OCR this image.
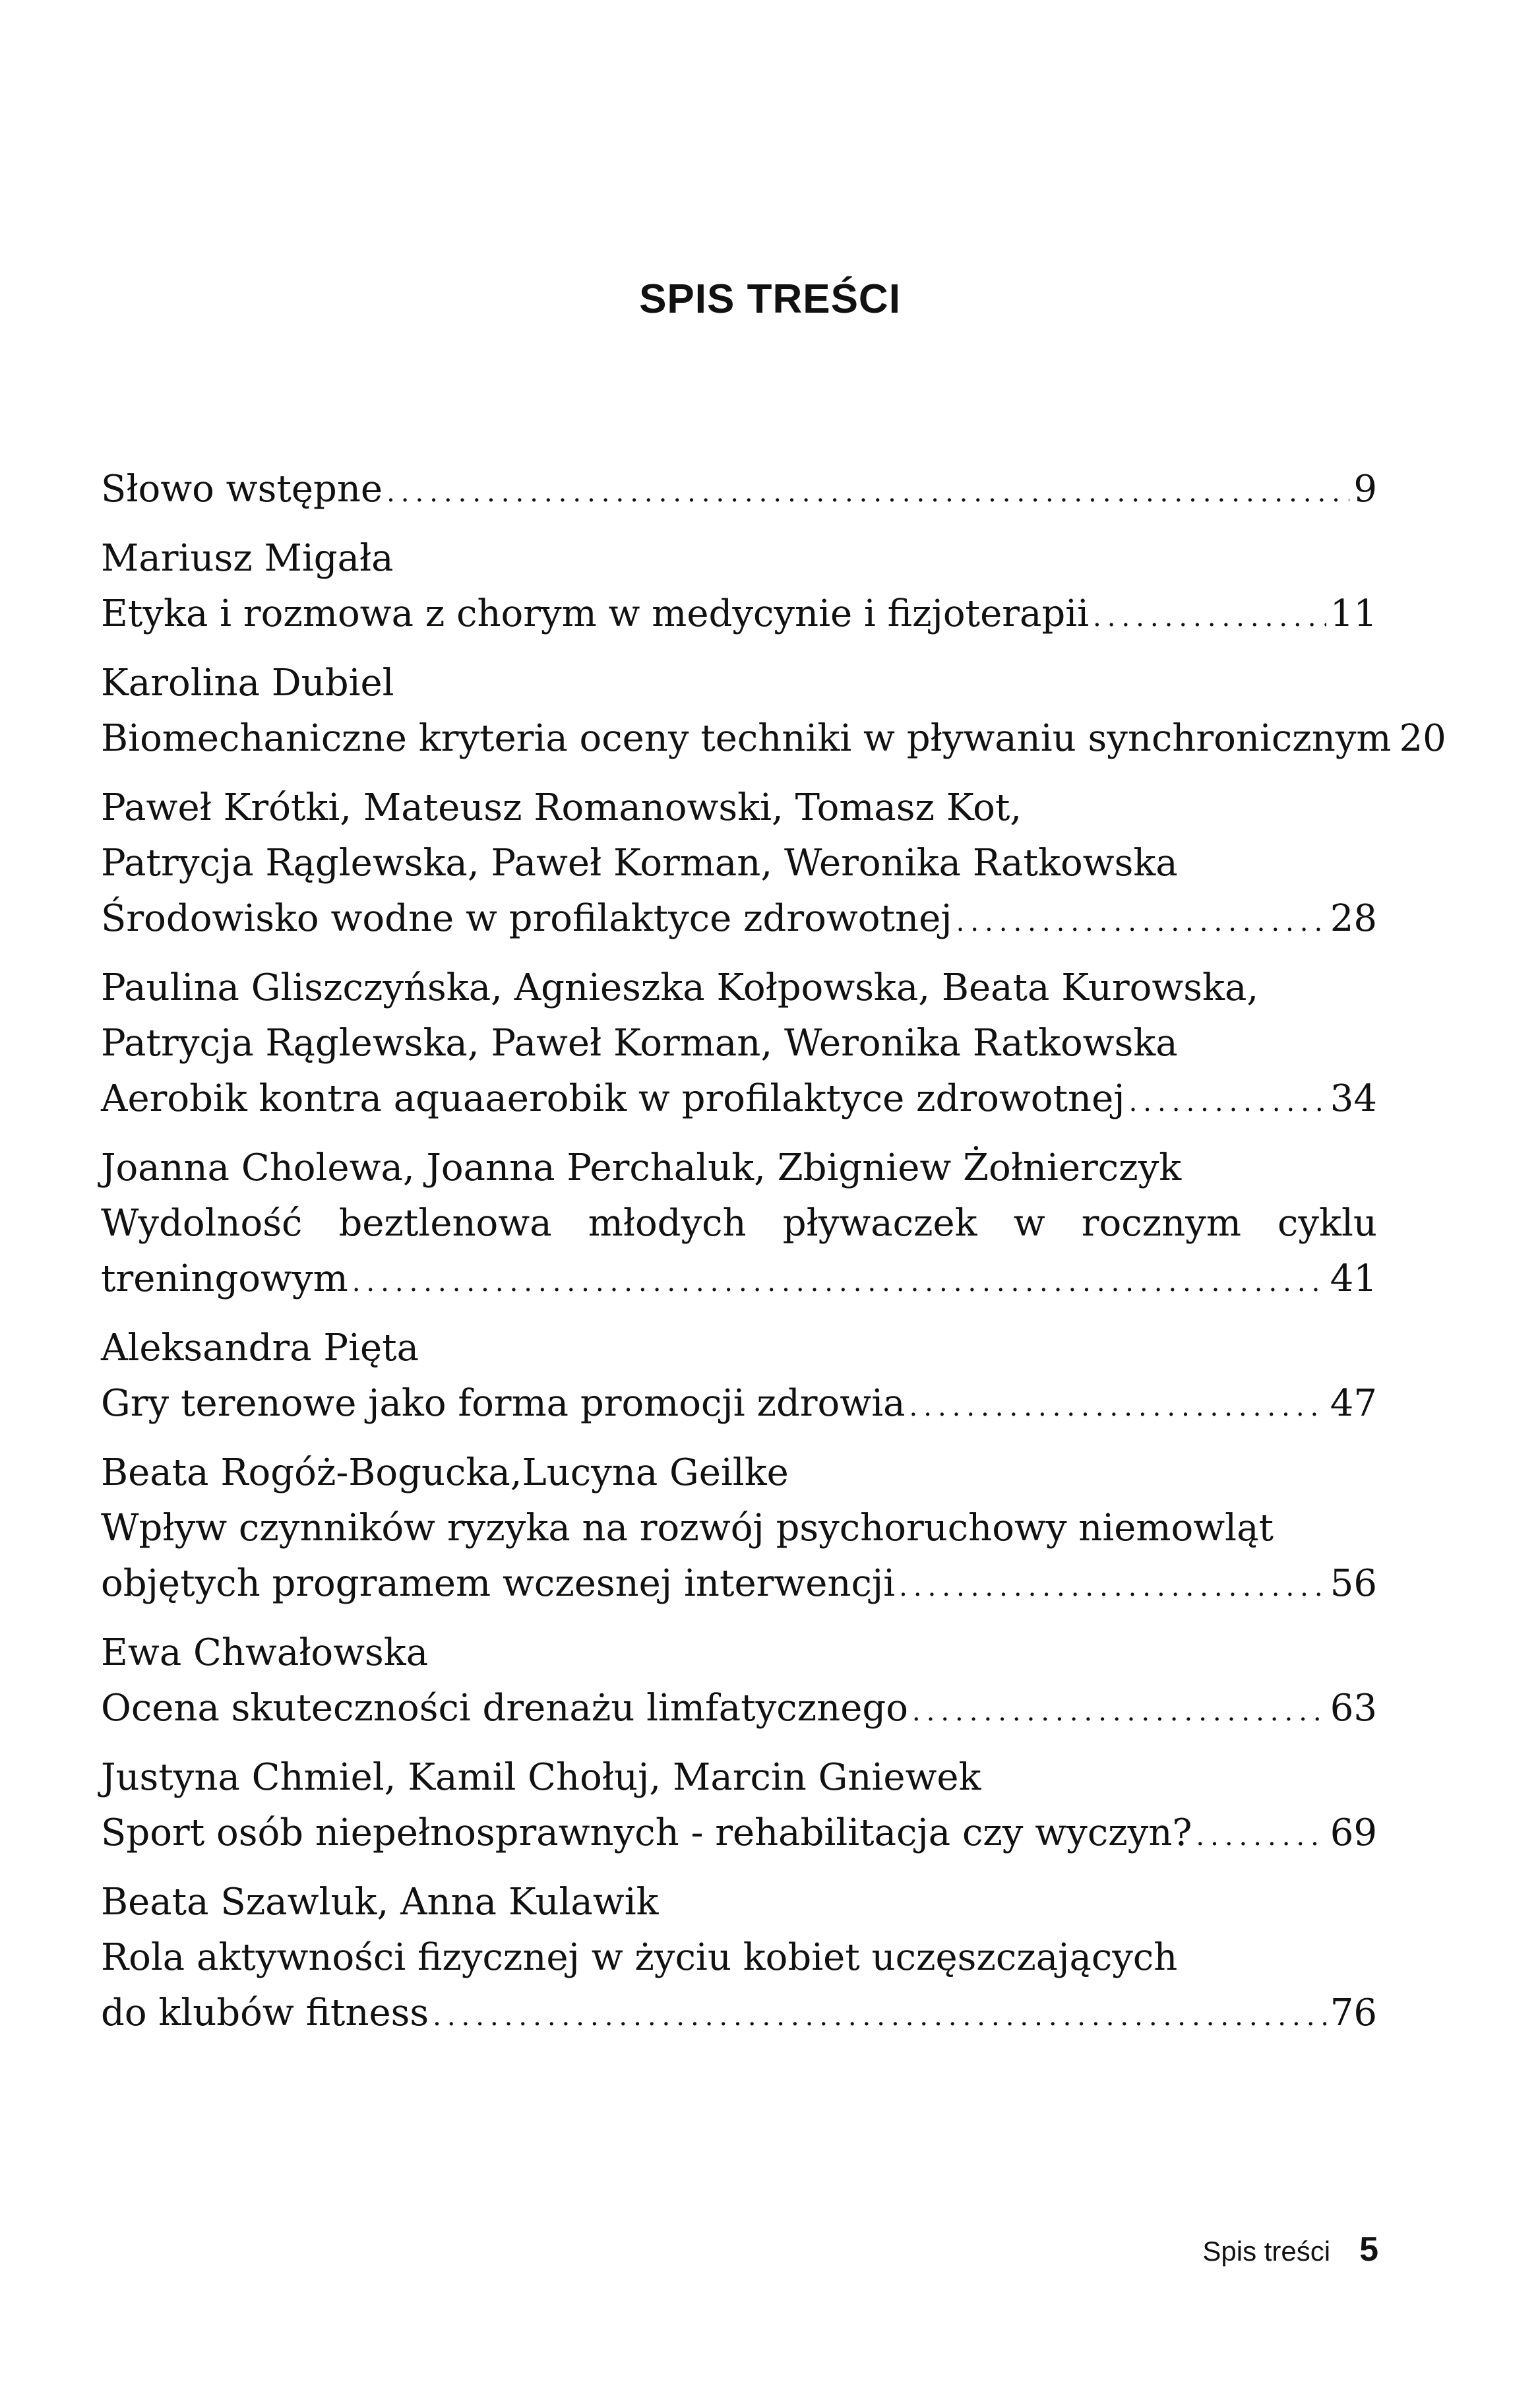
SPIS TREŚCI
Słowo wstępne .....	9
Mariusz Migała
Etyka i rozmowa z chorym w medycynie i fizjoterapii .....	11
Karolina Dubiel
Biomechaniczne kryteria oceny techniki w pływaniu synchronicznym 20
Paweł Krótki, Mateusz Romanowski, Tomasz Kot,
Patrycja Rąglewska, Paweł Korman, Weronika Ratkowska
Środowisko wodne w profilaktyce zdrowotnej .....	28
Paulina Gliszczyńska, Agnieszka Kołpowska, Beata Kurowska,
Patrycja Rąglewska, Paweł Korman, Weronika Ratkowska
Aerobik kontra aquaaerobik w profilaktyce zdrowotnej .....	34
Joanna Cholewa, Joanna Perchaluk, Zbigniew Żołnierczyk
Wydolność beztlenowa młodych pływaczek w rocznym cyklu
treningowym .....	41
Aleksandra Pięta
Gry terenowe jako forma promocji zdrowia .....	47
Beata Rogóż-Bogucka,Lucyna Geilke
Wpływ czynników ryzyka na rozwój psychoruchowy niemowląt
objętych programem wczesnej interwencji .....	56
Ewa Chwałowska
Ocena skuteczności drenażu limfatycznego .....	63
Justyna Chmiel, Kamil Chołuj, Marcin Gniewek
Sport osób niepełnosprawnych - rehabilitacja czy wyczyn? .....	69
Beata Szawluk, Anna Kulawik
Rola aktywności fizycznej w życiu kobiet uczęszczających
do klubów fitness .....	76
Spis treści 5
